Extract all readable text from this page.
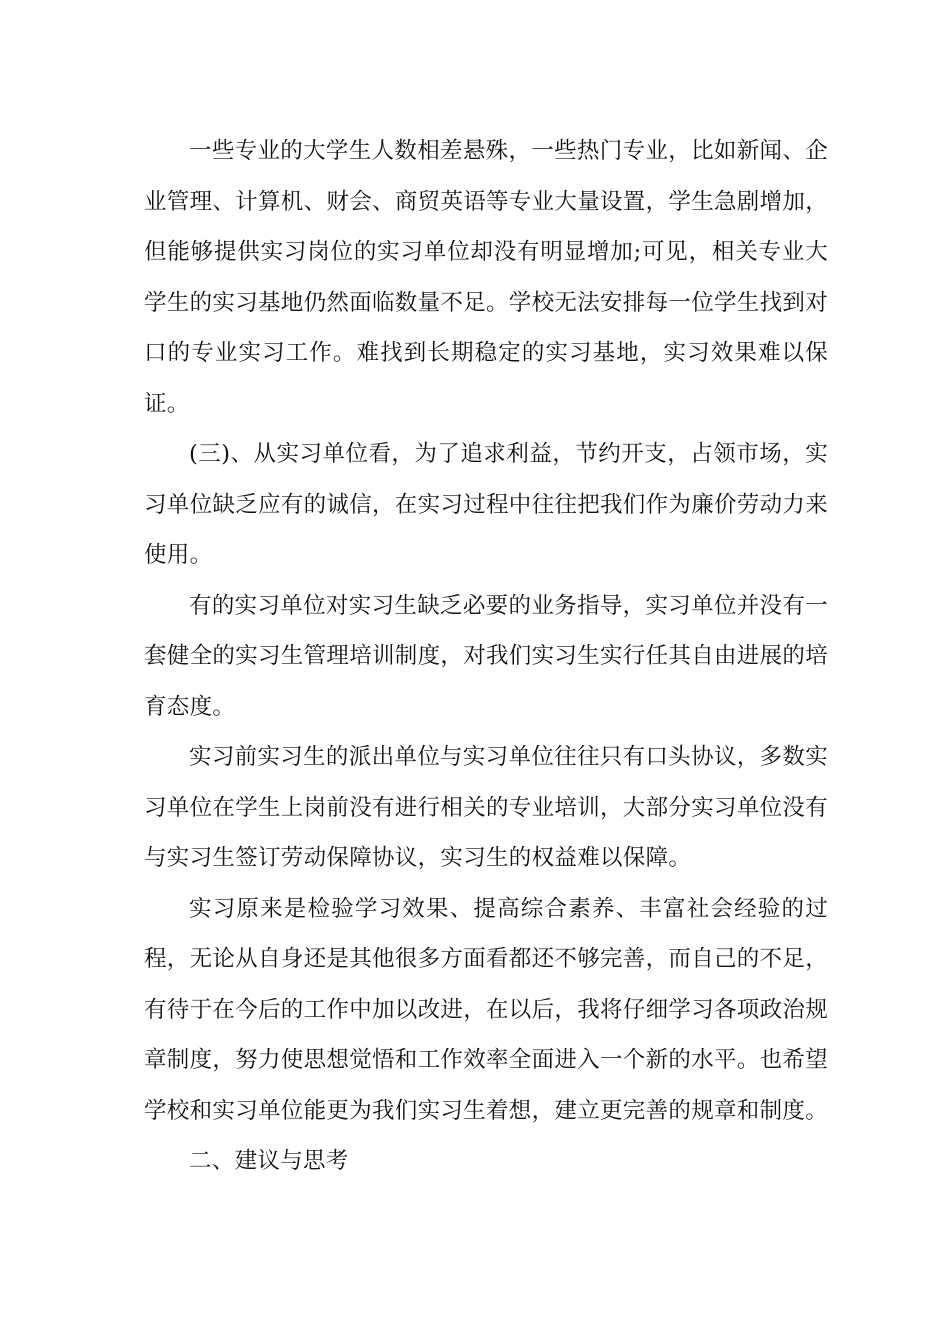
一些专业的大学生人数相差悬殊，一些热门专业，比如新闻、企业管理、计算机、财会、商贸英语等专业大量设置，学生急剧增加，但能够提供实习岗位的实习单位却没有明显增加;可见，相关专业大学生的实习基地仍然面临数量不足。学校无法安排每一位学生找到对口的专业实习工作。难找到长期稳定的实习基地，实习效果难以保证。

(三)、从实习单位看，为了追求利益，节约开支，占领市场，实习单位缺乏应有的诚信，在实习过程中往往把我们作为廉价劳动力来使用。

有的实习单位对实习生缺乏必要的业务指导，实习单位并没有一套健全的实习生管理培训制度，对我们实习生实行任其自由进展的培育态度。

实习前实习生的派出单位与实习单位往往只有口头协议，多数实习单位在学生上岗前没有进行相关的专业培训，大部分实习单位没有与实习生签订劳动保障协议，实习生的权益难以保障。

实习原来是检验学习效果、提高综合素养、丰富社会经验的过程，无论从自身还是其他很多方面看都还不够完善，而自己的不足，有待于在今后的工作中加以改进，在以后，我将仔细学习各项政治规章制度，努力使思想觉悟和工作效率全面进入一个新的水平。也希望学校和实习单位能更为我们实习生着想，建立更完善的规章和制度。

二、建议与思考
